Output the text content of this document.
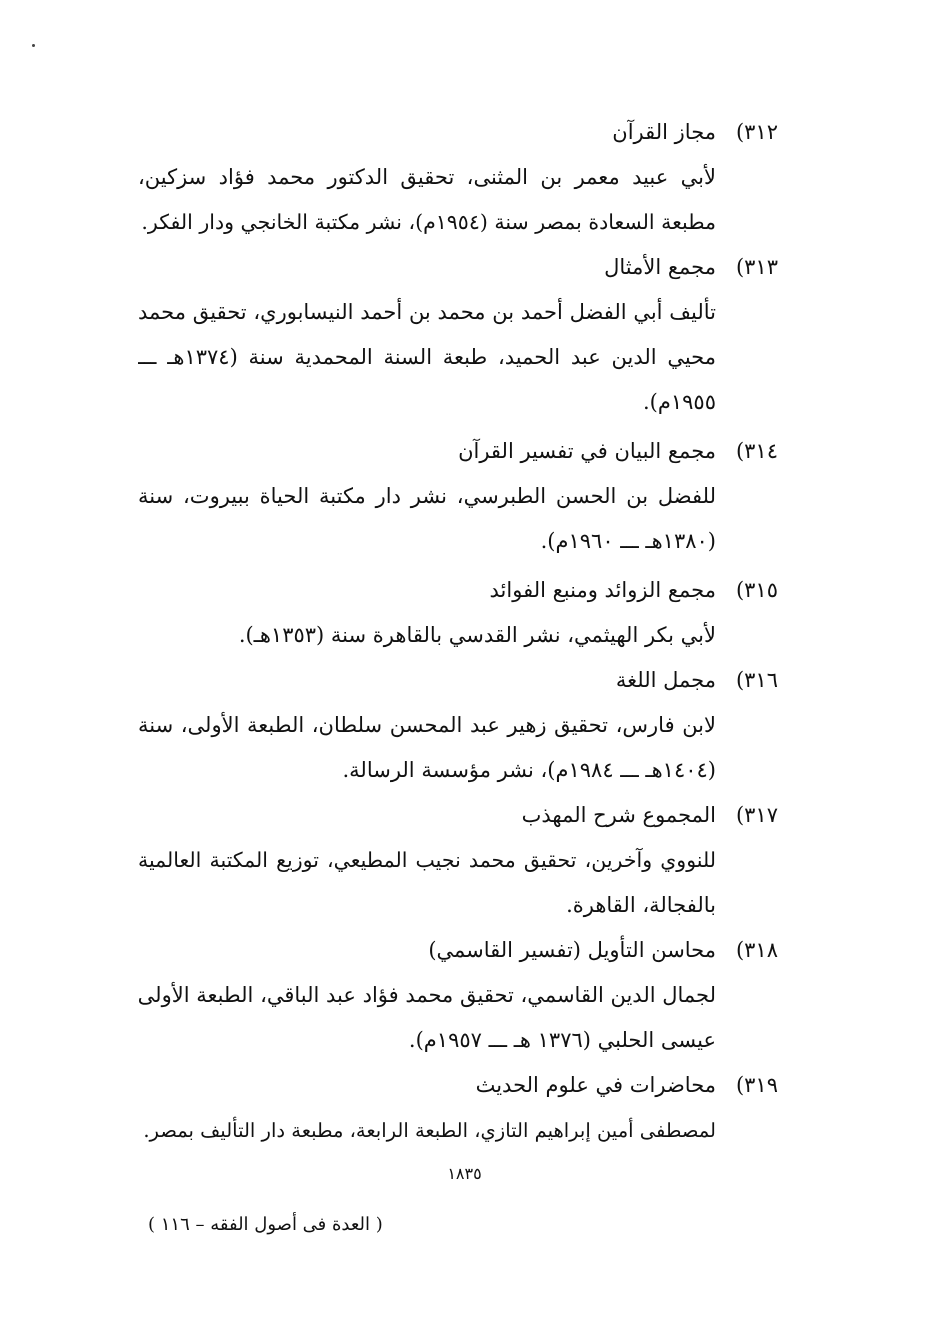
٣١٢)
مجاز القرآن
لأبي عبيد معمر بن المثنى، تحقيق الدكتور محمد فؤاد سزكين،
مطبعة السعادة بمصر سنة (١٩٥٤م)، نشر مكتبة الخانجي ودار الفكر.
٣١٣)
مجمع الأمثال
تأليف أبي الفضل أحمد بن محمد بن أحمد النيسابوري، تحقيق محمد
محيي الدين عبد الحميد، طبعة السنة المحمدية سنة (١٣٧٤هـ ـــ
١٩٥٥م).
٣١٤)
مجمع البيان في تفسير القرآن
للفضل بن الحسن الطبرسي، نشر دار مكتبة الحياة ببيروت، سنة
(١٣٨٠هـ ـــ ١٩٦٠م).
٣١٥)
مجمع الزوائد ومنبع الفوائد
لأبي بكر الهيثمي، نشر القدسي بالقاهرة سنة (١٣٥٣هـ).
٣١٦)
مجمل اللغة
لابن فارس، تحقيق زهير عبد المحسن سلطان، الطبعة الأولى، سنة
(١٤٠٤هـ ـــ ١٩٨٤م)، نشر مؤسسة الرسالة.
٣١٧)
المجموع شرح المهذب
للنووي وآخرين، تحقيق محمد نجيب المطيعي، توزيع المكتبة العالمية
بالفجالة، القاهرة.
٣١٨)
محاسن التأويل (تفسير القاسمي)
لجمال الدين القاسمي، تحقيق محمد فؤاد عبد الباقي، الطبعة الأولى
عيسى الحلبي (١٣٧٦ هـ ـــ ١٩٥٧م).
٣١٩)
محاضرات في علوم الحديث
لمصطفى أمين إبراهيم التازي، الطبعة الرابعة، مطبعة دار التأليف بمصر.
١٨٣٥
( العدة فى أصول الفقه – ١١٦ )
